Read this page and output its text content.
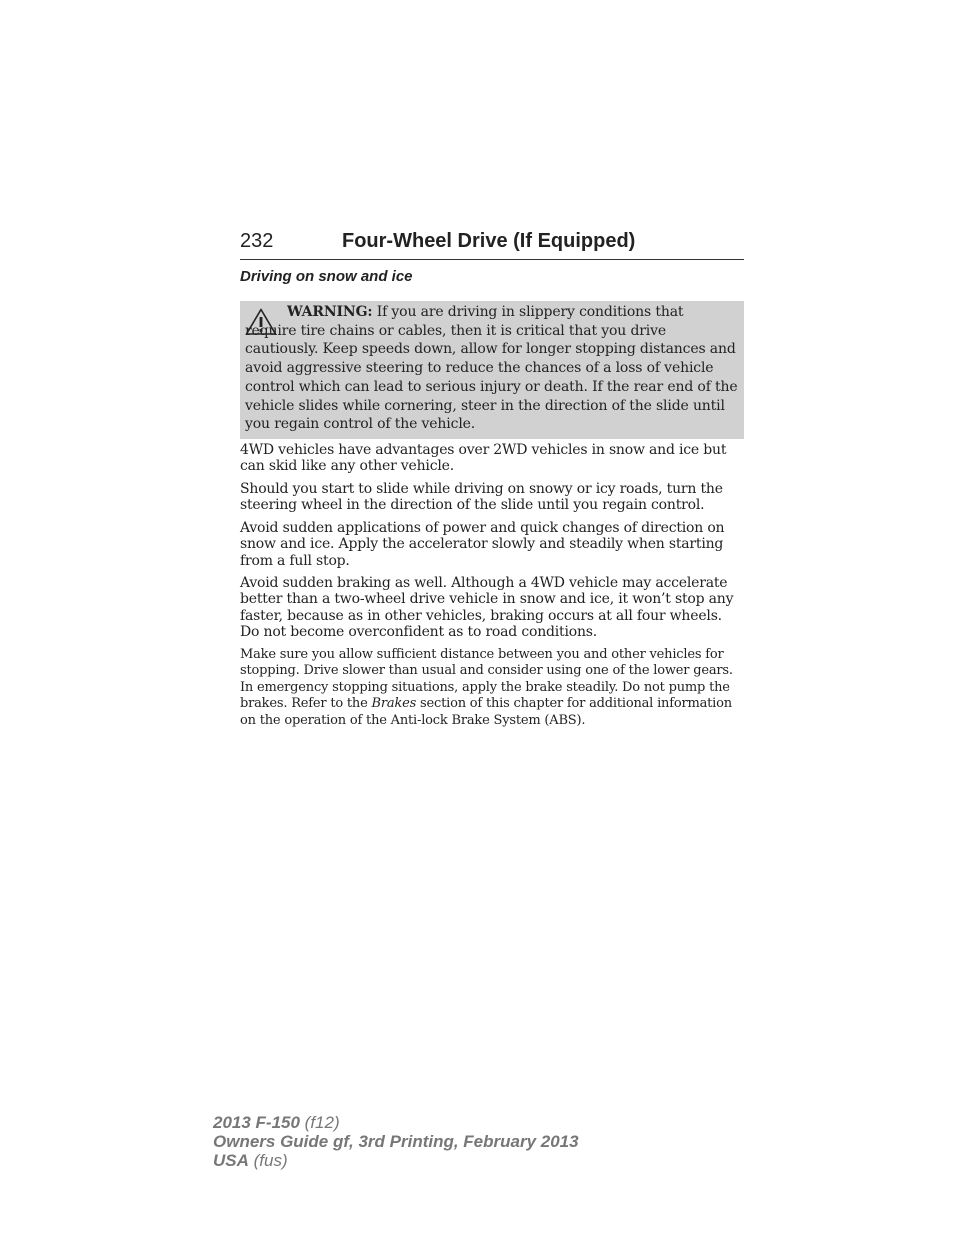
232	Four-Wheel Drive (If Equipped)
Driving on snow and ice

WARNING: If you are driving in slippery conditions that require tire chains or cables, then it is critical that you drive cautiously. Keep speeds down, allow for longer stopping distances and avoid aggressive steering to reduce the chances of a loss of vehicle control which can lead to serious injury or death. If the rear end of the vehicle slides while cornering, steer in the direction of the slide until you regain control of the vehicle.

4WD vehicles have advantages over 2WD vehicles in snow and ice but can skid like any other vehicle.

Should you start to slide while driving on snowy or icy roads, turn the steering wheel in the direction of the slide until you regain control.

Avoid sudden applications of power and quick changes of direction on snow and ice. Apply the accelerator slowly and steadily when starting from a full stop.

Avoid sudden braking as well. Although a 4WD vehicle may accelerate better than a two-wheel drive vehicle in snow and ice, it won’t stop any faster, because as in other vehicles, braking occurs at all four wheels. Do not become overconfident as to road conditions.

Make sure you allow sufficient distance between you and other vehicles for stopping. Drive slower than usual and consider using one of the lower gears. In emergency stopping situations, apply the brake steadily. Do not pump the brakes. Refer to the Brakes section of this chapter for additional information on the operation of the Anti-lock Brake System (ABS).

2013 F-150 (f12)
Owners Guide gf, 3rd Printing, February 2013
USA (fus)
